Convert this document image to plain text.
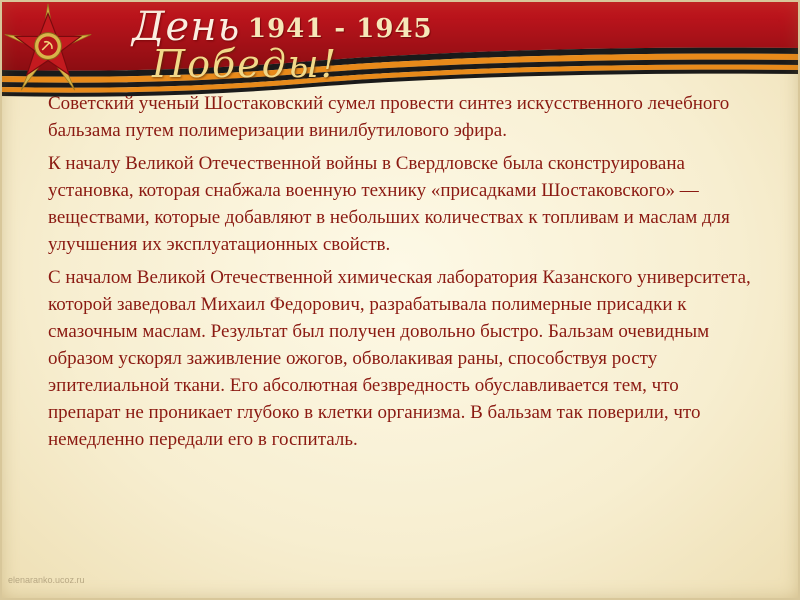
День
Победы!
1941 - 1945

Советский ученый Шостаковский сумел провести синтез искусственного лечебного бальзама путем полимеризации винилбутилового эфира.

К началу Великой Отечественной войны в Свердловске была сконструирована установка, которая снабжала военную технику «присадками Шостаковского» — веществами, которые добавляют в небольших количествах к топливам и маслам для улучшения их эксплуатационных свойств.

С началом Великой Отечественной химическая лаборатория Казанского университета, которой заведовал Михаил Федорович, разрабатывала полимерные присадки к смазочным маслам. Результат был получен довольно быстро. Бальзам очевидным образом ускорял заживление ожогов, обволакивая раны, способствуя росту эпителиальной ткани. Его абсолютная безвредность обуславливается тем, что препарат не проникает глубоко в клетки организма. В бальзам так поверили, что немедленно передали его в госпиталь.

elenaranko.ucoz.ru
